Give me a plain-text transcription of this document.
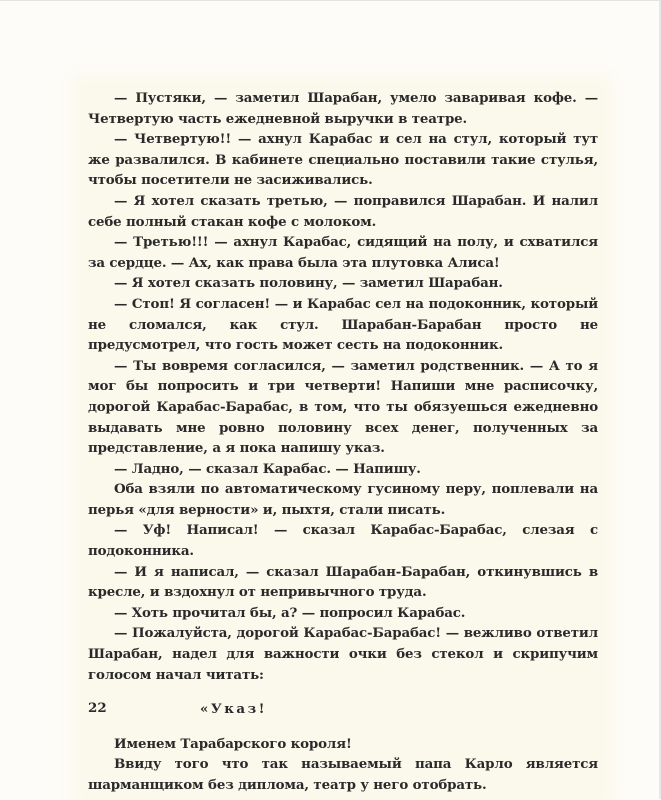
— Пустяки, — заметил Шарабан, умело заваривая кофе. — Четвертую часть ежедневной выручки в театре.

— Четвертую!! — ахнул Карабас и сел на стул, который тут же развалился. В кабинете специально поставили такие стулья, чтобы посетители не засиживались.

— Я хотел сказать третью, — поправился Шарабан. И налил себе полный стакан кофе с молоком.

— Третью!!! — ахнул Карабас, сидящий на полу, и схватился за сердце. — Ах, как права была эта плутовка Алиса!

— Я хотел сказать половину, — заметил Шарабан.

— Стоп! Я согласен! — и Карабас сел на подоконник, который не сломался, как стул. Шарабан-Барабан просто не предусмотрел, что гость может сесть на подоконник.

— Ты вовремя согласился, — заметил родственник. — А то я мог бы попросить и три четверти! Напиши мне расписочку, дорогой Карабас-Барабас, в том, что ты обязуешься ежедневно выдавать мне ровно половину всех денег, полученных за представление, а я пока напишу указ.

— Ладно, — сказал Карабас. — Напишу.

Оба взяли по автоматическому гусиному перу, поплевали на перья «для верности» и, пыхтя, стали писать.

— Уф! Написал! — сказал Карабас-Барабас, слезая с подоконника.

— И я написал, — сказал Шарабан-Барабан, откинувшись в кресле, и вздохнул от непривычного труда.

— Хоть прочитал бы, а? — попросил Карабас.

— Пожалуйста, дорогой Карабас-Барабас! — вежливо ответил Шарабан, надел для важности очки без стекол и скрипучим голосом начал читать:

«Указ!

Именем Тарабарского короля!

Ввиду того что так называемый папа Карло является шарманщиком без диплома, театр у него отобрать.

22
